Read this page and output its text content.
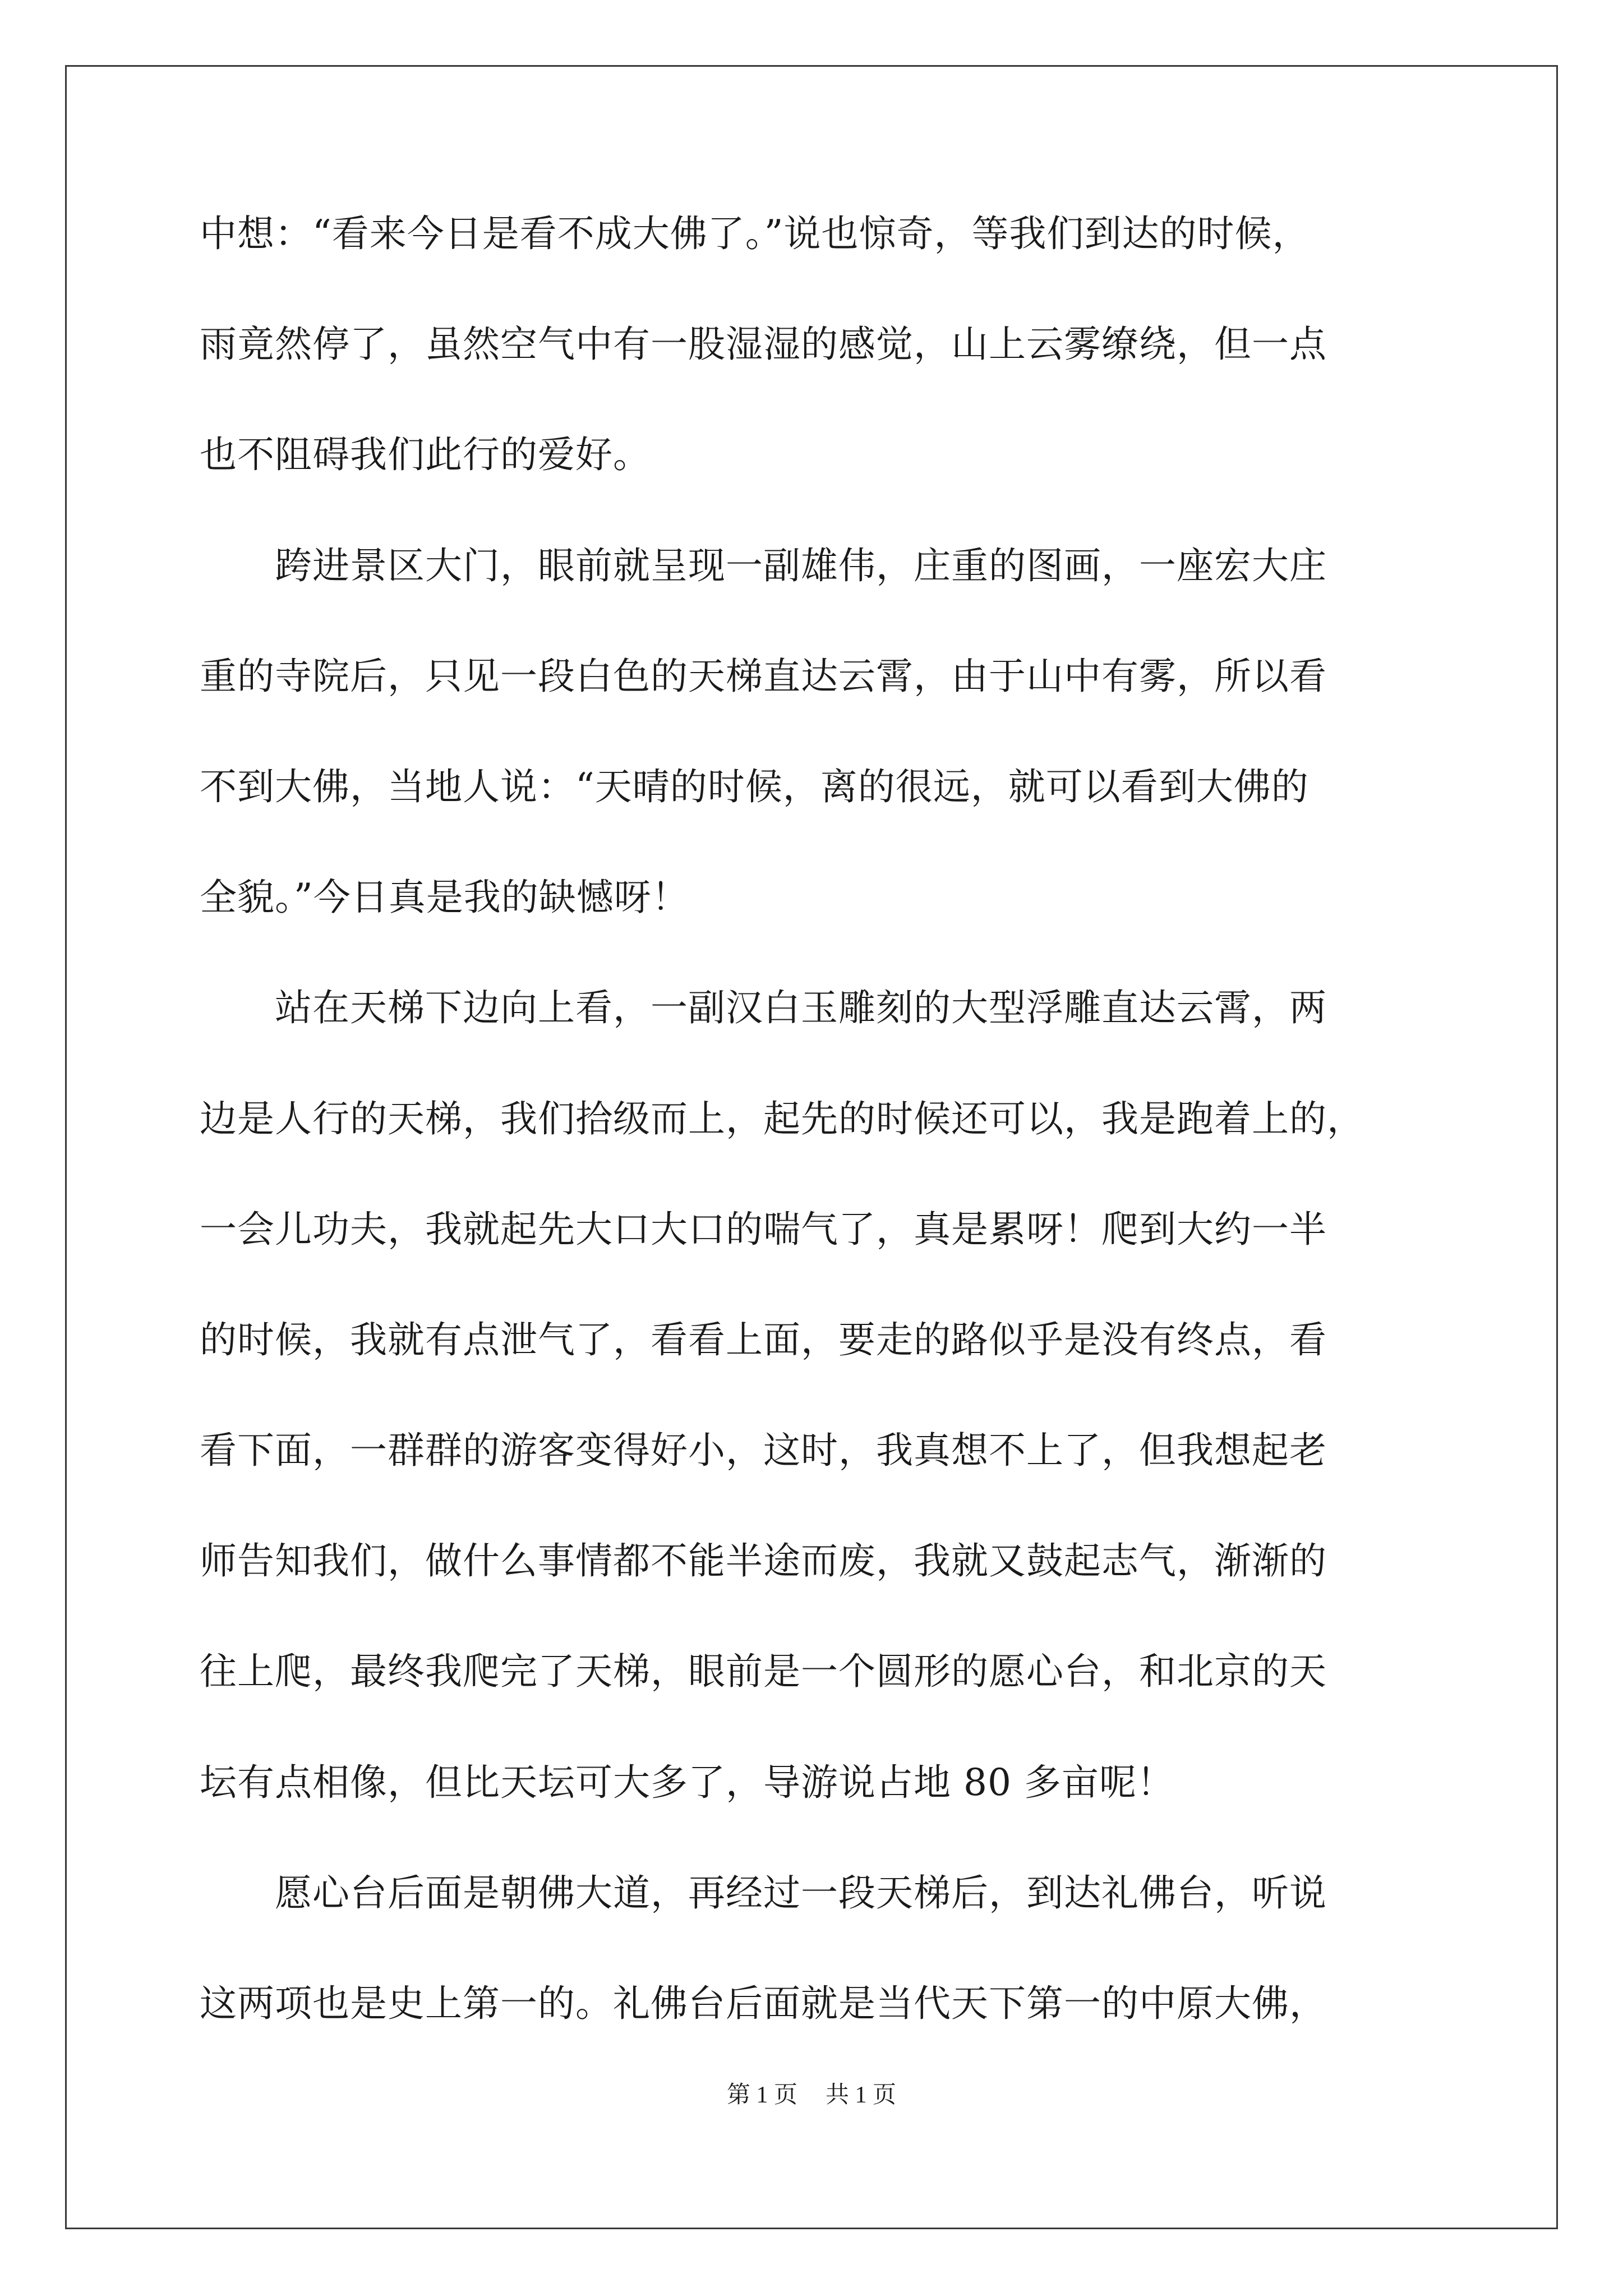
中想：“看来今日是看不成大佛了。”说也惊奇，等我们到达的时候，
雨竟然停了，虽然空气中有一股湿湿的感觉，山上云雾缭绕，但一点
也不阻碍我们此行的爱好。
　　跨进景区大门，眼前就呈现一副雄伟，庄重的图画，一座宏大庄
重的寺院后，只见一段白色的天梯直达云霄，由于山中有雾，所以看
不到大佛，当地人说：“天晴的时候，离的很远，就可以看到大佛的
全貌。”今日真是我的缺憾呀！
　　站在天梯下边向上看，一副汉白玉雕刻的大型浮雕直达云霄，两
边是人行的天梯，我们拾级而上，起先的时候还可以，我是跑着上的，
一会儿功夫，我就起先大口大口的喘气了，真是累呀！爬到大约一半
的时候，我就有点泄气了，看看上面，要走的路似乎是没有终点，看
看下面，一群群的游客变得好小，这时，我真想不上了，但我想起老
师告知我们，做什么事情都不能半途而废，我就又鼓起志气，渐渐的
往上爬，最终我爬完了天梯，眼前是一个圆形的愿心台，和北京的天
坛有点相像，但比天坛可大多了，导游说占地 80 多亩呢！
　　愿心台后面是朝佛大道，再经过一段天梯后，到达礼佛台，听说
这两项也是史上第一的。礼佛台后面就是当代天下第一的中原大佛，
第 1 页 共 1 页
